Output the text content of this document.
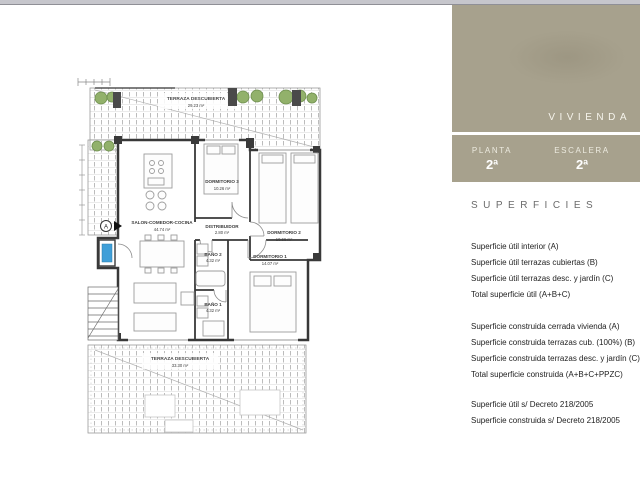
TERRAZA DESCUBIERTA
29.23 m²
A
TERRAZA DESCUBIERTA
33.30 m²
DORMITORIO 3
10.26 m²
DORMITORIO 2
10.66 m²
SALON-COMEDOR-COCINA
44.74 m²
DISTRIBUIDOR
2.80 m²
BAÑO 2
4.32 m²
DORMITORIO 1
14.07 m²
BAÑO 1
4.32 m²
VIVIENDA
PLANTA
2ª
ESCALERA
2ª
SUPERFICIES
Superficie útil interior (A)
Superficie útil terrazas cubiertas (B)
Superficie útil terrazas desc. y jardín (C)
Total superficie útil (A+B+C)
Superficie construida cerrada vivienda (A)
Superficie construida terrazas cub. (100%) (B)
Superficie construida terrazas desc. y jardín (C)
Total superficie construida (A+B+C+PPZC)
Superficie útil s/ Decreto 218/2005
Superficie construida s/ Decreto 218/2005
